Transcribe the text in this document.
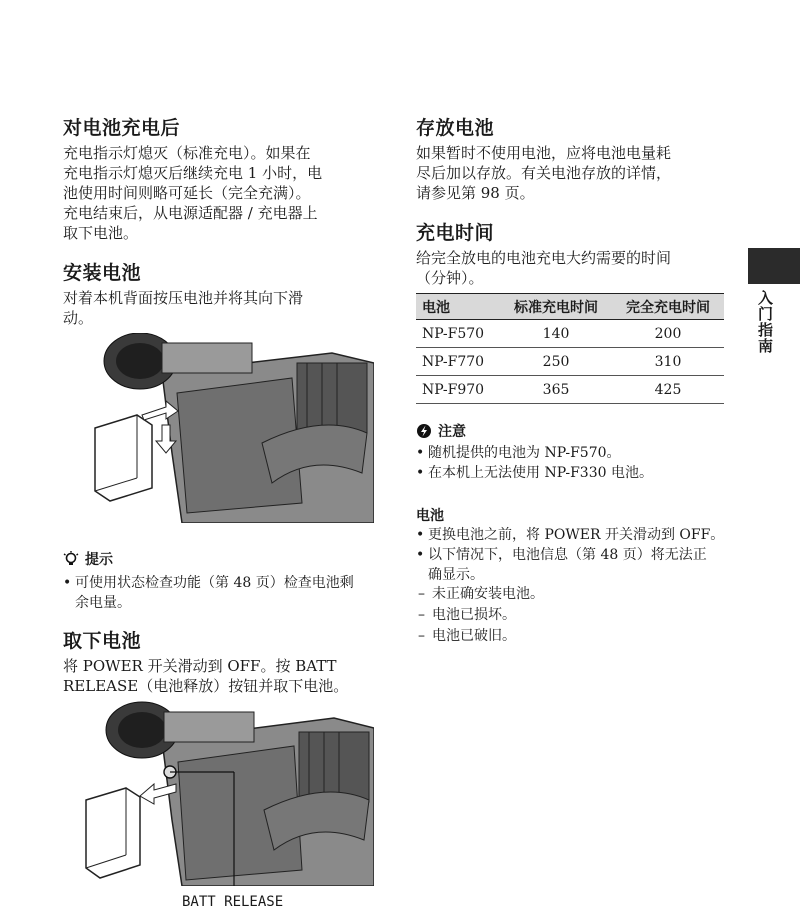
对电池充电后

充电指示灯熄灭（标准充电）。如果在
充电指示灯熄灭后继续充电 1 小时，电
池使用时间则略可延长（完全充满）。
充电结束后，从电源适配器 / 充电器上
取下电池。

安装电池

对着本机背面按压电池并将其向下滑
动。

提示
• 可使用状态检查功能（第 48 页）检查电池剩
余电量。
取下电池

将 POWER 开关滑动到 OFF。按 BATT
RELEASE（电池释放）按钮并取下电池。

BATT RELEASE
存放电池

如果暂时不使用电池，应将电池电量耗
尽后加以存放。有关电池存放的详情，
请参见第 98 页。

充电时间

给完全放电的电池充电大约需要的时间
（分钟）。

电池	标准充电时间	完全充电时间
NP-F570	140	200
NP-F770	250	310
NP-F970	365	425
注意
• 随机提供的电池为 NP-F570。
• 在本机上无法使用 NP-F330 电池。
电池
• 更换电池之前，将 POWER 开关滑动到 OFF。
• 以下情况下，电池信息（第 48 页）将无法正
确显示。
– 未正确安装电池。
– 电池已损坏。
– 电池已破旧。
入门指南
